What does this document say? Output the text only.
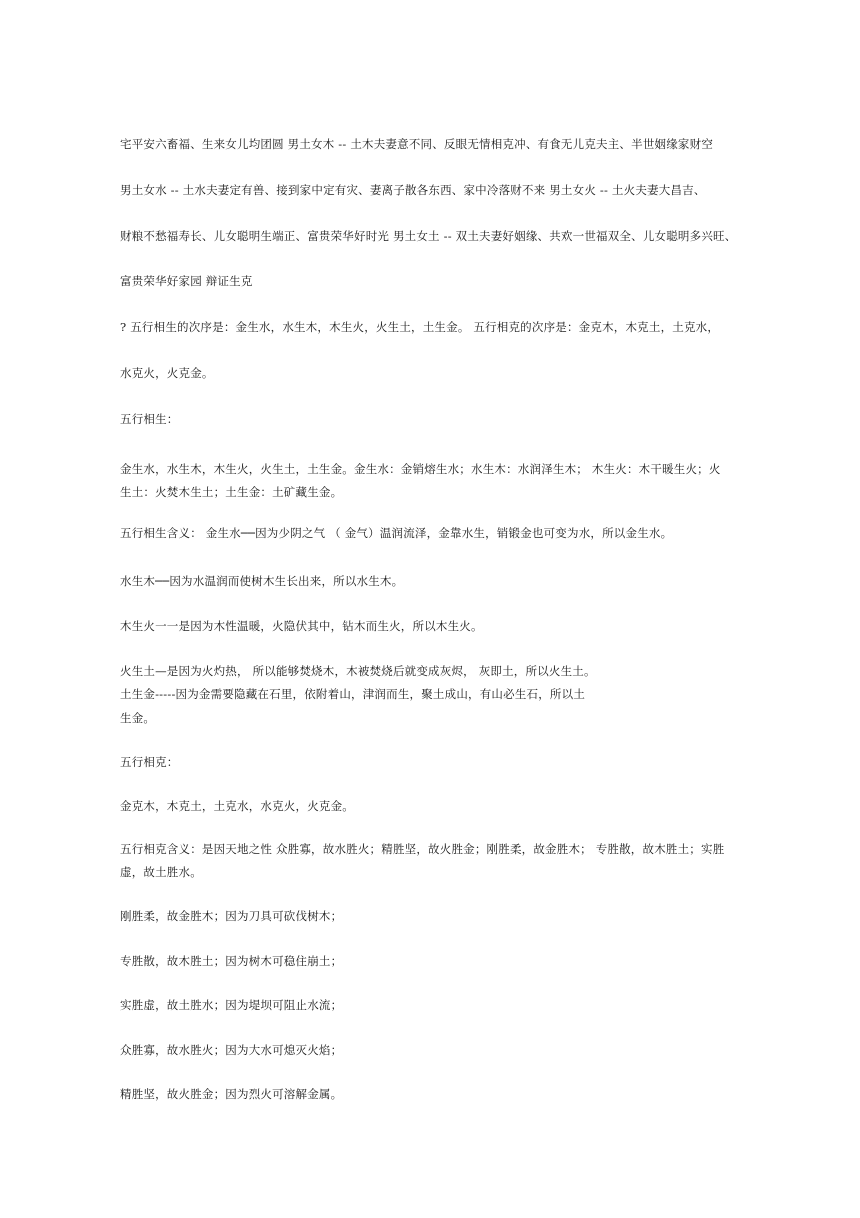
宅平安六畜福、生来女儿均团圆 男土女木 -- 土木夫妻意不同、反眼无情相克冲、有食无儿克夫主、半世姻缘家财空
男土女水 -- 土水夫妻定有兽、接到家中定有灾、妻离子散各东西、家中冷落财不来 男土女火 -- 土火夫妻大昌吉、
财粮不愁福寿长、儿女聪明生端正、富贵荣华好时光 男土女土 -- 双土夫妻好姻缘、共欢一世福双全、儿女聪明多兴旺、
富贵荣华好家园 辩证生克
? 五行相生的次序是：金生水，水生木，木生火，火生土，土生金。 五行相克的次序是：金克木，木克土，土克水，
水克火，火克金。
五行相生：
金生水，水生木，木生火，火生土，土生金。金生水：金销熔生水；水生木：水润泽生木； 木生火：木干暖生火；火
生土：火焚木生土；土生金：土矿藏生金。
五行相生含义： 金生水──因为少阴之气 （ 金气）温润流泽，金靠水生，销锻金也可变为水，所以金生水。
水生木──因为水温润而使树木生长出来，所以水生木。
木生火一一是因为木性温暖，火隐伏其中，钻木而生火，所以木生火。
火生土—是因为火灼热， 所以能够焚烧木，木被焚烧后就变成灰烬， 灰即土，所以火生土。
土生金-----因为金需要隐藏在石里，依附着山，津润而生，聚土成山，有山必生石，所以土
生金。
五行相克：
金克木，木克土，土克水，水克火，火克金。
五行相克含义：是因天地之性 众胜寡，故水胜火；精胜坚，故火胜金；刚胜柔，故金胜木； 专胜散，故木胜土；实胜
虚，故土胜水。
刚胜柔，故金胜木；因为刀具可砍伐树木；
专胜散，故木胜土；因为树木可稳住崩土；
实胜虚，故土胜水；因为堤坝可阻止水流；
众胜寡，故水胜火；因为大水可熄灭火焰；
精胜坚，故火胜金；因为烈火可溶解金属。
